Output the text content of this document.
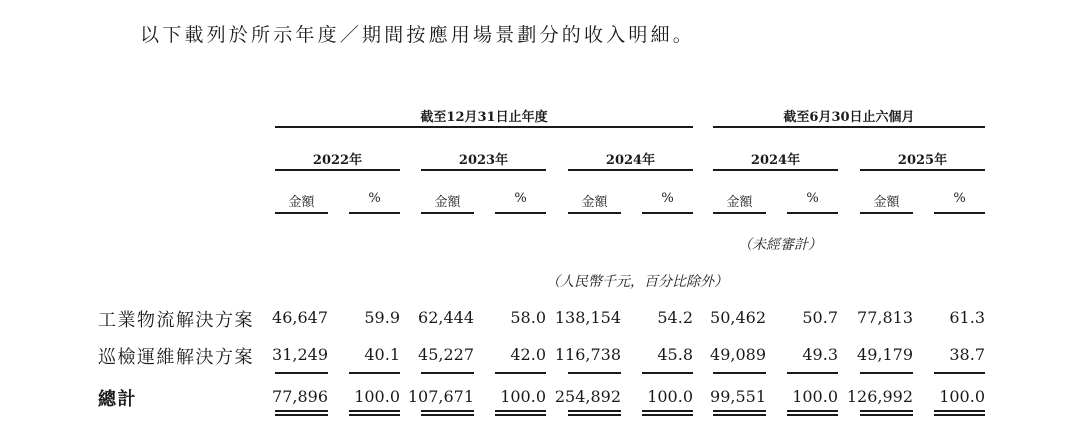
以下載列於所示年度／期間按應用場景劃分的收入明細。
截至12月31日止年度	截至6月30日止六個月
2022年	2023年	2024年	2024年	2025年
金額	%	金額	%	金額	%	金額	%	金額	%
（未經審計）
（人民幣千元，百分比除外）
工業物流解決方案	46,647	59.9	62,444	58.0 138,154	54.2	50,462	50.7	77,813	61.3
巡檢運維解決方案	31,249	40.1	45,227	42.0 116,738	45.8	49,089	49.3	49,179	38.7
總計	77,896	100.0 107,671	100.0 254,892	100.0	99,551	100.0 126,992	100.0
